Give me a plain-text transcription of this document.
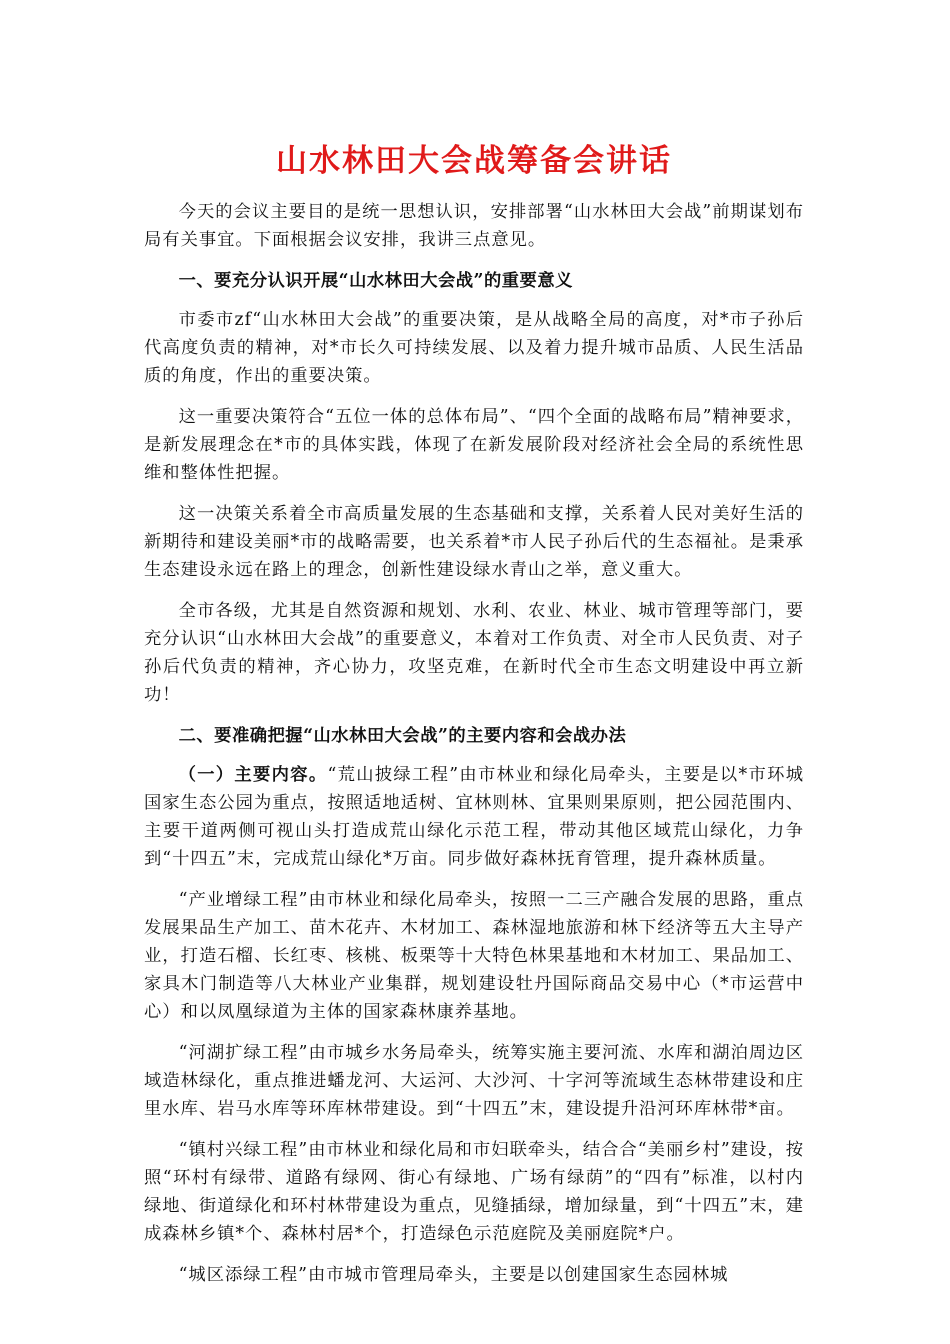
山水林田大会战筹备会讲话

今天的会议主要目的是统一思想认识，安排部署“山水林田大会战”前期谋划布局有关事宜。下面根据会议安排，我讲三点意见。

一、要充分认识开展“山水林田大会战”的重要意义

市委市zf“山水林田大会战”的重要决策，是从战略全局的高度，对*市子孙后代高度负责的精神，对*市长久可持续发展、以及着力提升城市品质、人民生活品质的角度，作出的重要决策。

这一重要决策符合“五位一体的总体布局”、“四个全面的战略布局”精神要求，是新发展理念在*市的具体实践，体现了在新发展阶段对经济社会全局的系统性思维和整体性把握。

这一决策关系着全市高质量发展的生态基础和支撑，关系着人民对美好生活的新期待和建设美丽*市的战略需要，也关系着*市人民子孙后代的生态福祉。是秉承生态建设永远在路上的理念，创新性建设绿水青山之举，意义重大。

全市各级，尤其是自然资源和规划、水利、农业、林业、城市管理等部门，要充分认识“山水林田大会战”的重要意义，本着对工作负责、对全市人民负责、对子孙后代负责的精神，齐心协力，攻坚克难，在新时代全市生态文明建设中再立新功！

二、要准确把握“山水林田大会战”的主要内容和会战办法

（一）主要内容。“荒山披绿工程”由市林业和绿化局牵头，主要是以*市环城国家生态公园为重点，按照适地适树、宜林则林、宜果则果原则，把公园范围内、主要干道两侧可视山头打造成荒山绿化示范工程，带动其他区域荒山绿化，力争到“十四五”末，完成荒山绿化*万亩。同步做好森林抚育管理，提升森林质量。

“产业增绿工程”由市林业和绿化局牵头，按照一二三产融合发展的思路，重点发展果品生产加工、苗木花卉、木材加工、森林湿地旅游和林下经济等五大主导产业，打造石榴、长红枣、核桃、板栗等十大特色林果基地和木材加工、果品加工、家具木门制造等八大林业产业集群，规划建设牡丹国际商品交易中心（*市运营中心）和以凤凰绿道为主体的国家森林康养基地。

“河湖扩绿工程”由市城乡水务局牵头，统筹实施主要河流、水库和湖泊周边区域造林绿化，重点推进蟠龙河、大运河、大沙河、十字河等流域生态林带建设和庄里水库、岩马水库等环库林带建设。到“十四五”末，建设提升沿河环库林带*亩。

“镇村兴绿工程”由市林业和绿化局和市妇联牵头，结合合“美丽乡村”建设，按照“环村有绿带、道路有绿网、街心有绿地、广场有绿荫”的“四有”标准，以村内绿地、街道绿化和环村林带建设为重点，见缝插绿，增加绿量，到“十四五”末，建成森林乡镇*个、森林村居*个，打造绿色示范庭院及美丽庭院*户。

“城区添绿工程”由市城市管理局牵头，主要是以创建国家生态园林城
